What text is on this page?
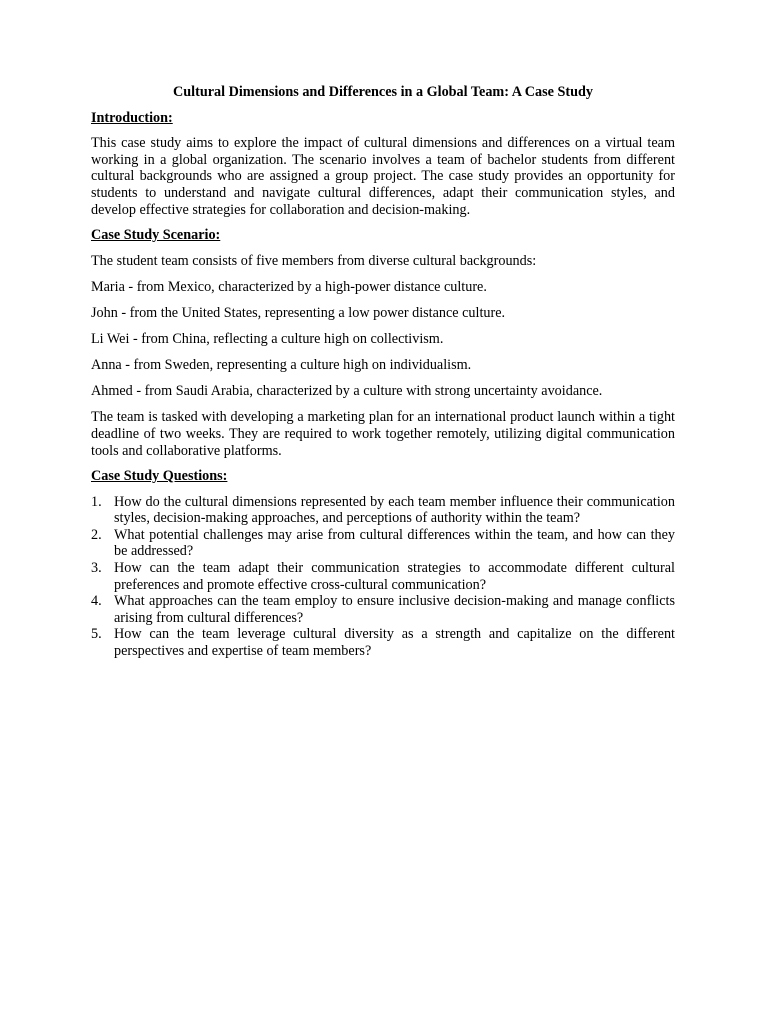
Cultural Dimensions and Differences in a Global Team: A Case Study
Introduction:
This case study aims to explore the impact of cultural dimensions and differences on a virtual team working in a global organization. The scenario involves a team of bachelor students from different cultural backgrounds who are assigned a group project. The case study provides an opportunity for students to understand and navigate cultural differences, adapt their communication styles, and develop effective strategies for collaboration and decision-making.
Case Study Scenario:
The student team consists of five members from diverse cultural backgrounds:
Maria - from Mexico, characterized by a high-power distance culture.
John - from the United States, representing a low power distance culture.
Li Wei - from China, reflecting a culture high on collectivism.
Anna - from Sweden, representing a culture high on individualism.
Ahmed - from Saudi Arabia, characterized by a culture with strong uncertainty avoidance.
The team is tasked with developing a marketing plan for an international product launch within a tight deadline of two weeks. They are required to work together remotely, utilizing digital communication tools and collaborative platforms.
Case Study Questions:
1. How do the cultural dimensions represented by each team member influence their communication styles, decision-making approaches, and perceptions of authority within the team?
2. What potential challenges may arise from cultural differences within the team, and how can they be addressed?
3. How can the team adapt their communication strategies to accommodate different cultural preferences and promote effective cross-cultural communication?
4. What approaches can the team employ to ensure inclusive decision-making and manage conflicts arising from cultural differences?
5. How can the team leverage cultural diversity as a strength and capitalize on the different perspectives and expertise of team members?
